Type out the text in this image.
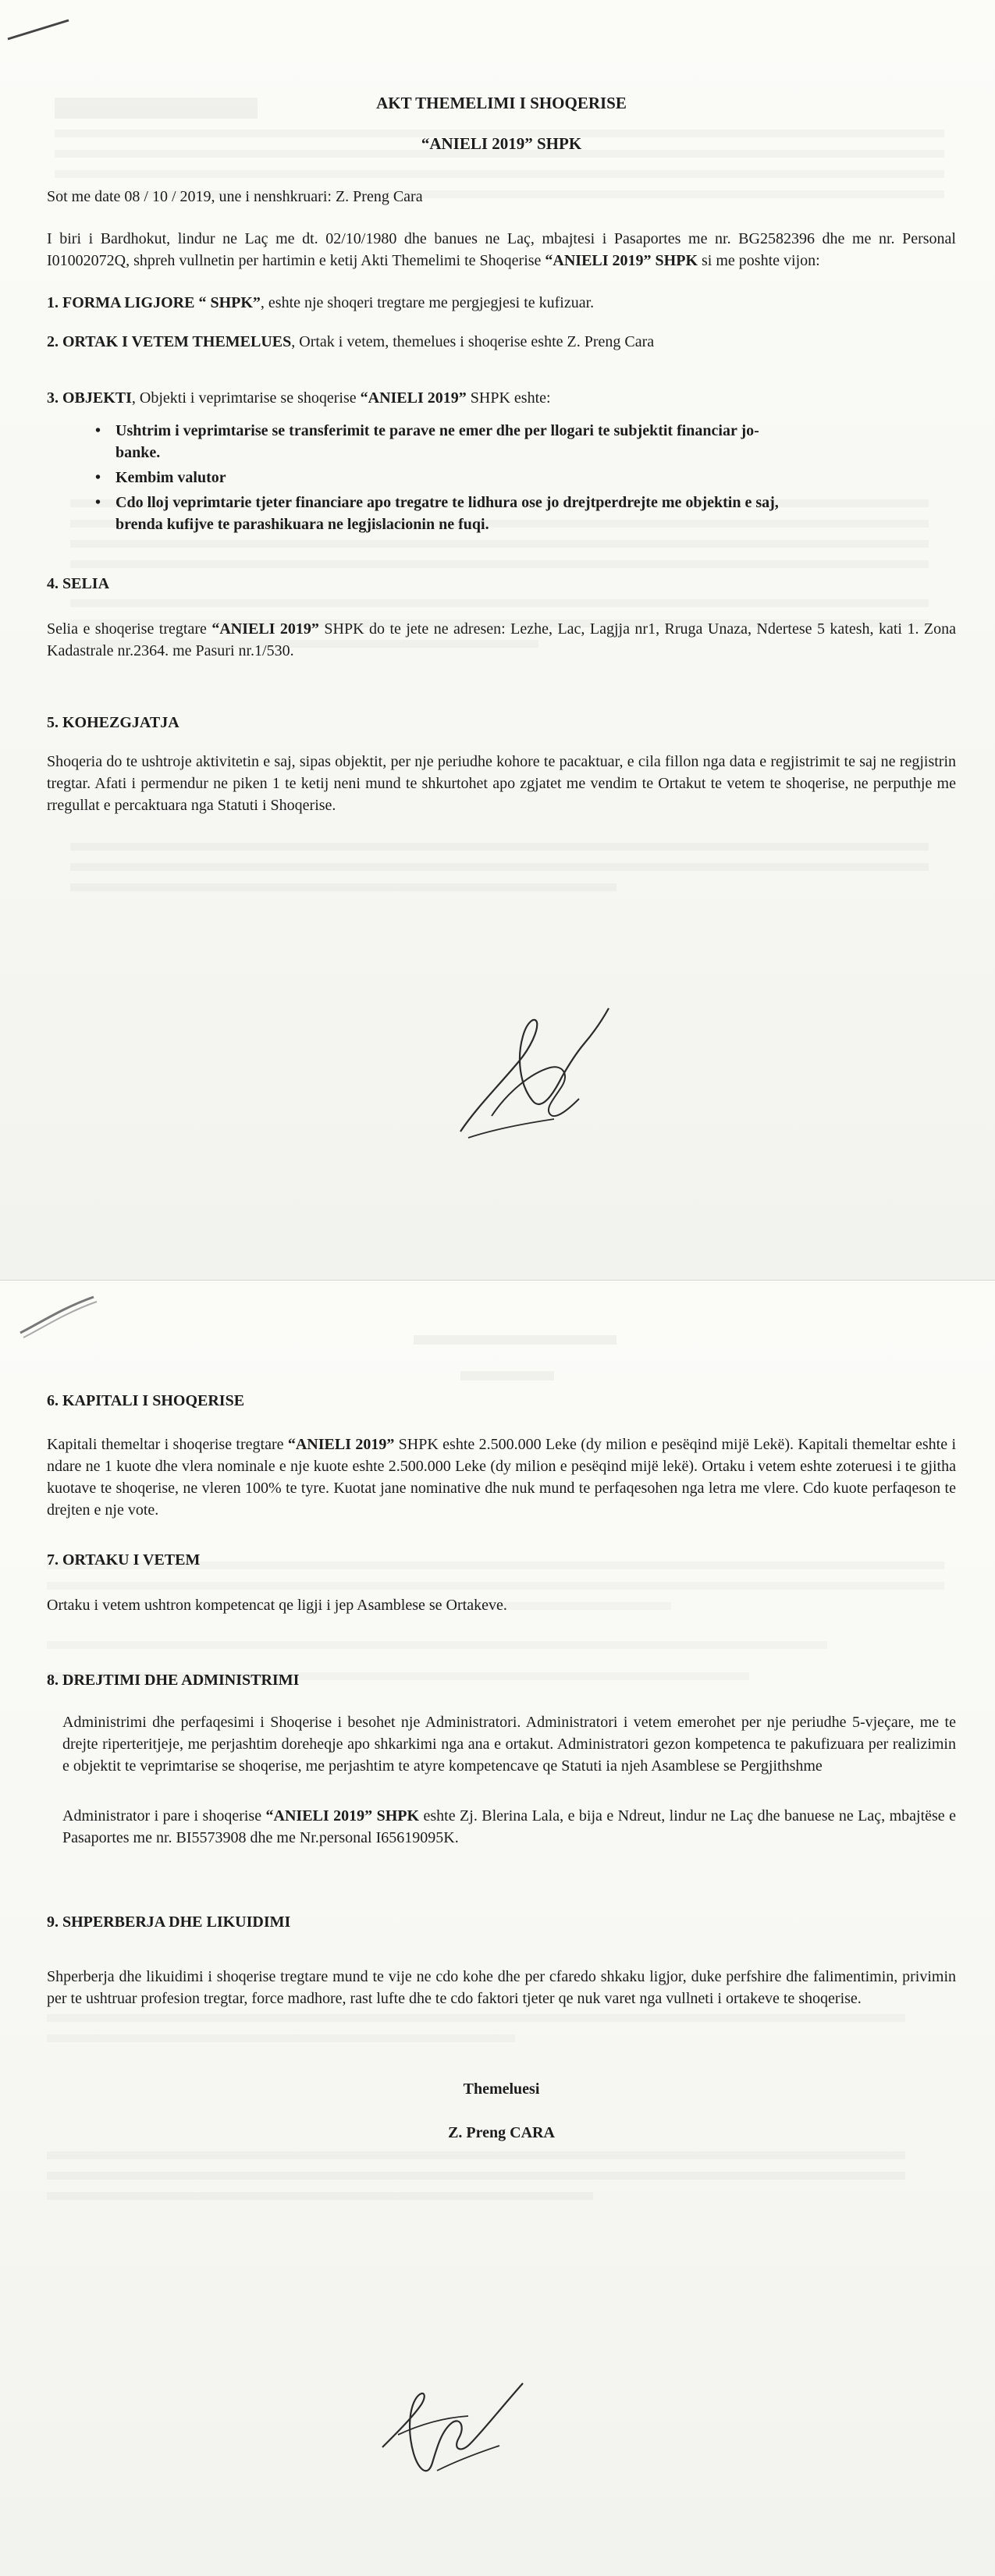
AKT THEMELIMI I SHOQERISE

“ANIELI 2019” SHPK

Sot me date 08 / 10 / 2019, une i nenshkruari: Z. Preng Cara

I biri i Bardhokut, lindur ne Laç me dt. 02/10/1980 dhe banues ne Laç, mbajtesi i Pasaportes me nr. BG2582396 dhe me nr. Personal I01002072Q, shpreh vullnetin per hartimin e ketij Akti Themelimi te Shoqerise “ANIELI 2019” SHPK si me poshte vijon:

1. FORMA LIGJORE “ SHPK”, eshte nje shoqeri tregtare me pergjegjesi te kufizuar.

2. ORTAK I VETEM THEMELUES, Ortak i vetem, themelues i shoqerise eshte Z. Preng Cara

3. OBJEKTI, Objekti i veprimtarise se shoqerise “ANIELI 2019” SHPK eshte:

• Ushtrim i veprimtarise se transferimit te parave ne emer dhe per llogari te subjektit financiar jo-banke.
• Kembim valutor
• Cdo lloj veprimtarie tjeter financiare apo tregatre te lidhura ose jo drejtperdrejte me objektin e saj, brenda kufijve te parashikuara ne legjislacionin ne fuqi.

4. SELIA

Selia e shoqerise tregtare “ANIELI 2019” SHPK do te jete ne adresen: Lezhe, Lac, Lagjja nr1, Rruga Unaza, Ndertese 5 katesh, kati 1. Zona Kadastrale nr.2364. me Pasuri nr.1/530.

5. KOHEZGJATJA

Shoqeria do te ushtroje aktivitetin e saj, sipas objektit, per nje periudhe kohore te pacaktuar, e cila fillon nga data e regjistrimit te saj ne regjistrin tregtar. Afati i permendur ne piken 1 te ketij neni mund te shkurtohet apo zgjatet me vendim te Ortakut te vetem te shoqerise, ne perputhje me rregullat e percaktuara nga Statuti i Shoqerise.

6. KAPITALI I SHOQERISE

Kapitali themeltar i shoqerise tregtare “ANIELI 2019” SHPK eshte 2.500.000 Leke (dy milion e pesëqind mijë Lekë). Kapitali themeltar eshte i ndare ne 1 kuote dhe vlera nominale e nje kuote eshte 2.500.000 Leke (dy milion e pesëqind mijë lekë). Ortaku i vetem eshte zoteruesi i te gjitha kuotave te shoqerise, ne vleren 100% te tyre. Kuotat jane nominative dhe nuk mund te perfaqesohen nga letra me vlere. Cdo kuote perfaqeson te drejten e nje vote.

7. ORTAKU I VETEM

Ortaku i vetem ushtron kompetencat qe ligji i jep Asamblese se Ortakeve.

8. DREJTIMI DHE ADMINISTRIMI

Administrimi dhe perfaqesimi i Shoqerise i besohet nje Administratori. Administratori i vetem emerohet per nje periudhe 5-vjeçare, me te drejte riperteritjeje, me perjashtim doreheqje apo shkarkimi nga ana e ortakut. Administratori gezon kompetenca te pakufizuara per realizimin e objektit te veprimtarise se shoqerise, me perjashtim te atyre kompetencave qe Statuti ia njeh Asamblese se Pergjithshme

Administrator i pare i shoqerise “ANIELI 2019” SHPK eshte Zj. Blerina Lala, e bija e Ndreut, lindur ne Laç dhe banuese ne Laç, mbajtëse e Pasaportes me nr. BI5573908 dhe me Nr.personal I65619095K.

9. SHPERBERJA DHE LIKUIDIMI

Shperberja dhe likuidimi i shoqerise tregtare mund te vije ne cdo kohe dhe per cfaredo shkaku ligjor, duke perfshire dhe falimentimin, privimin per te ushtruar profesion tregtar, force madhore, rast lufte dhe te cdo faktori tjeter qe nuk varet nga vullneti i ortakeve te shoqerise.

Themeluesi

Z. Preng CARA
